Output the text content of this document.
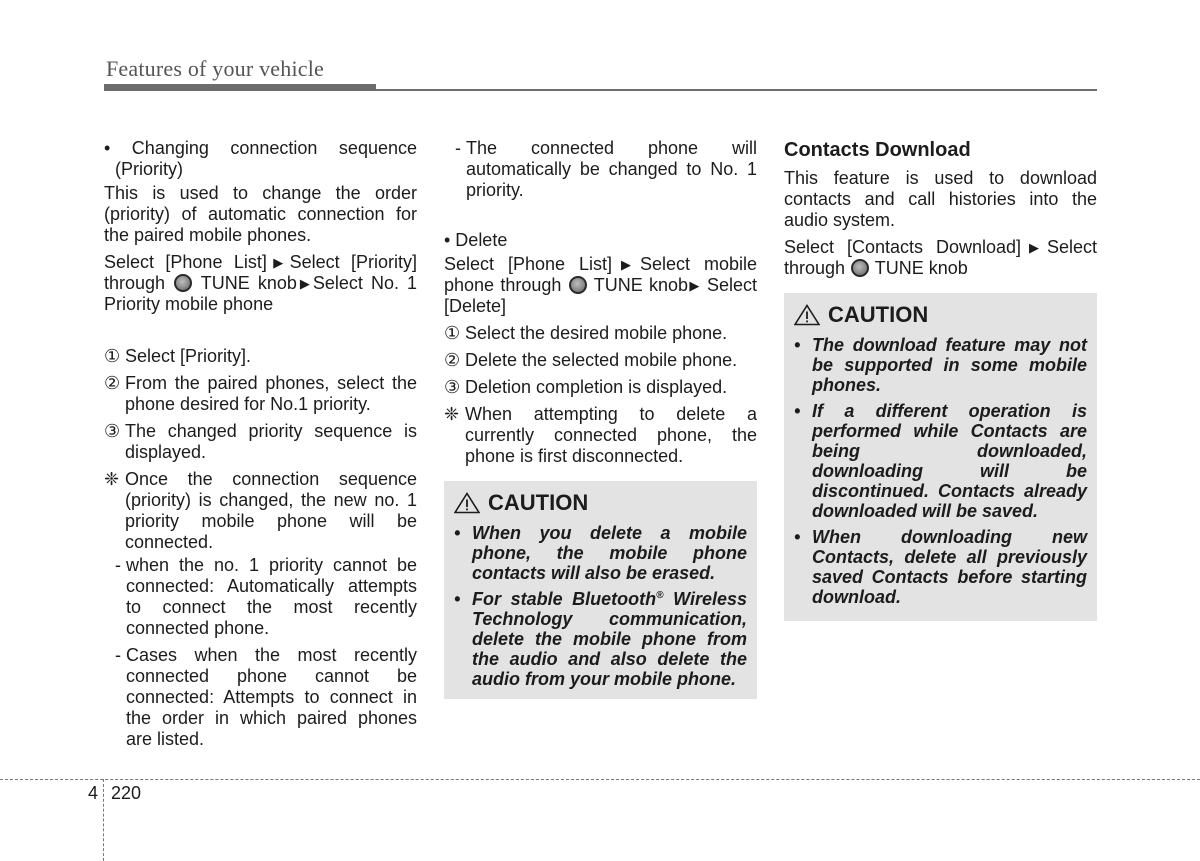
Features of your vehicle
• Changing connection sequence

(Priority)

This is used to change the order (priority) of automatic connection for the paired mobile phones.

Select [Phone List]▶Select [Priority] through TUNE knob▶Select No. 1 Priority mobile phone

① Select [Priority].
② From the paired phones, select the phone desired for No.1 priority.
③ The changed priority sequence is displayed.
❈ Once the connection sequence (priority) is changed, the new no. 1 priority mobile phone will be connected.
- when the no. 1 priority cannot be connected: Automatically attempts to connect the most recently connected phone.
- Cases when the most recently connected phone cannot be connected: Attempts to connect in the order in which paired phones are listed.
- The connected phone will automatically be changed to No. 1 priority.

• Delete

Select [Phone List]▶Select mobile phone through TUNE knob▶ Select [Delete]

① Select the desired mobile phone.
② Delete the selected mobile phone.
③ Deletion completion is displayed.
❈ When attempting to delete a currently connected phone, the phone is first disconnected.
CAUTION
• When you delete a mobile phone, the mobile phone contacts will also be erased.
• For stable Bluetooth® Wireless Technology communication, delete the mobile phone from the audio and also delete the audio from your mobile phone.
Contacts Download

This feature is used to download contacts and call histories into the audio system.

Select [Contacts Download]▶Select through TUNE knob

CAUTION
• The download feature may not be supported in some mobile phones.
• If a different operation is performed while Contacts are being downloaded, downloading will be discontinued. Contacts already downloaded will be saved.
• When downloading new Contacts, delete all previously saved Contacts before starting download.
4 220
